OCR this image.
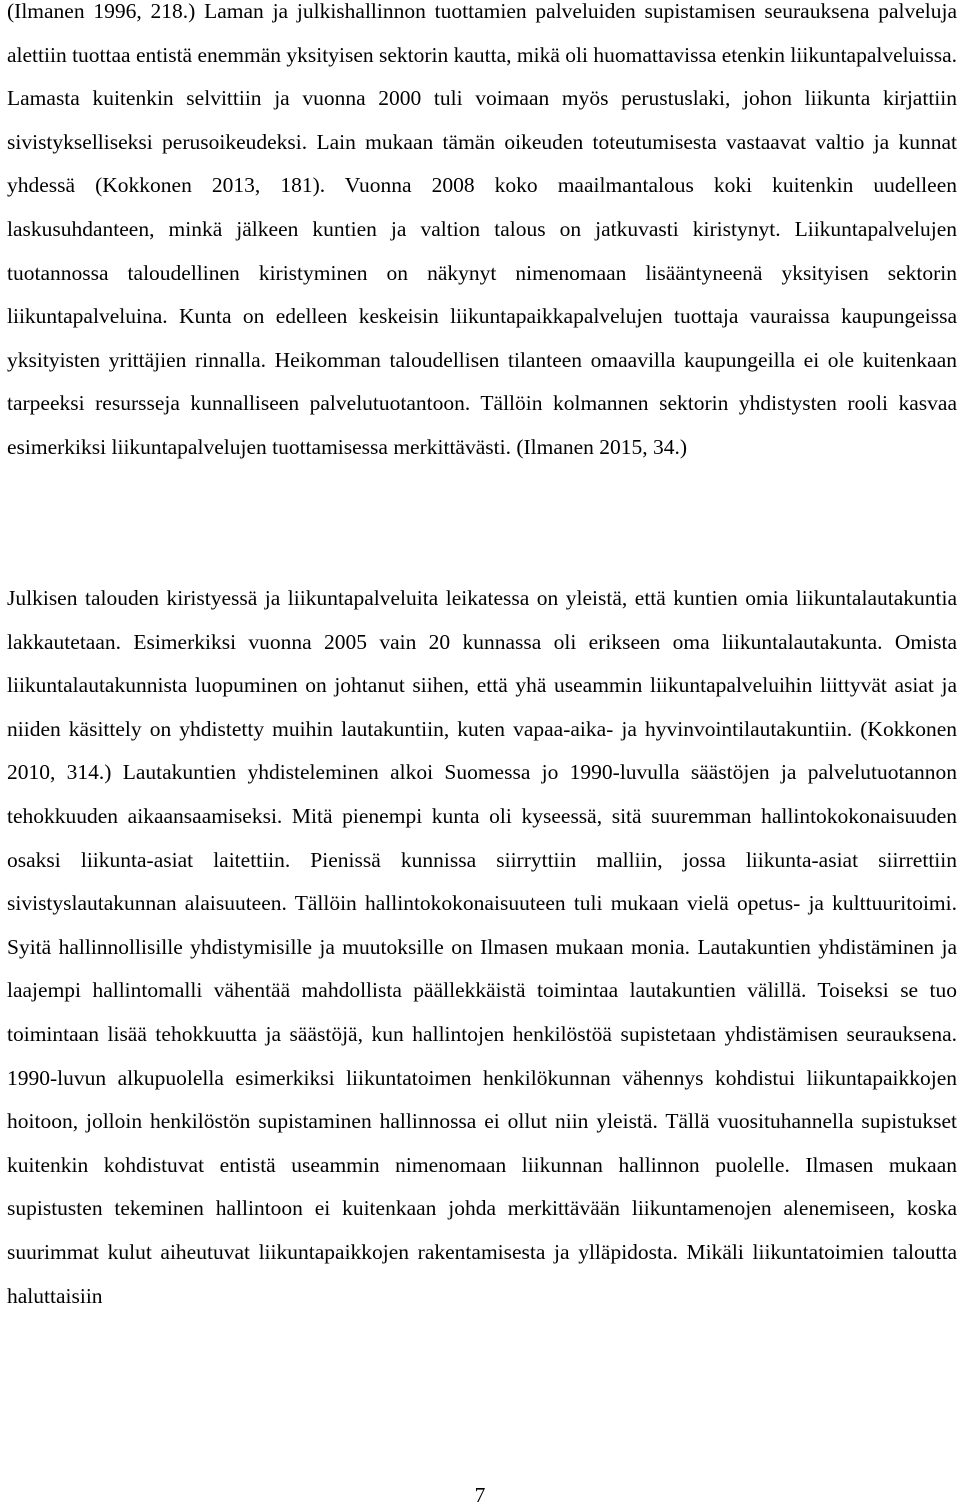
(Ilmanen 1996, 218.) Laman ja julkishallinnon tuottamien palveluiden supistamisen seurauksena palveluja alettiin tuottaa entistä enemmän yksityisen sektorin kautta, mikä oli huomattavissa etenkin liikuntapalveluissa. Lamasta kuitenkin selvittiin ja vuonna 2000 tuli voimaan myös perustuslaki, johon liikunta kirjattiin sivistykselliseksi perusoikeudeksi. Lain mukaan tämän oikeuden toteutumisesta vastaavat valtio ja kunnat yhdessä (Kokkonen 2013, 181). Vuonna 2008 koko maailmantalous koki kuitenkin uudelleen laskusuhdanteen, minkä jälkeen kuntien ja valtion talous on jatkuvasti kiristynyt. Liikuntapalvelujen tuotannossa taloudellinen kiristyminen on näkynyt nimenomaan lisääntyneenä yksityisen sektorin liikuntapalveluina. Kunta on edelleen keskeisin liikuntapaikkapalvelujen tuottaja vauraissa kaupungeissa yksityisten yrittäjien rinnalla. Heikomman taloudellisen tilanteen omaavilla kaupungeilla ei ole kuitenkaan tarpeeksi resursseja kunnalliseen palvelutuotantoon. Tällöin kolmannen sektorin yhdistysten rooli kasvaa esimerkiksi liikuntapalvelujen tuottamisessa merkittävästi. (Ilmanen 2015, 34.)

Julkisen talouden kiristyessä ja liikuntapalveluita leikatessa on yleistä, että kuntien omia liikuntalautakuntia lakkautetaan. Esimerkiksi vuonna 2005 vain 20 kunnassa oli erikseen oma liikuntalautakunta. Omista liikuntalautakunnista luopuminen on johtanut siihen, että yhä useammin liikuntapalveluihin liittyvät asiat ja niiden käsittely on yhdistetty muihin lautakuntiin, kuten vapaa-aika- ja hyvinvointilautakuntiin. (Kokkonen 2010, 314.) Lautakuntien yhdisteleminen alkoi Suomessa jo 1990-luvulla säästöjen ja palvelutuotannon tehokkuuden aikaansaamiseksi. Mitä pienempi kunta oli kyseessä, sitä suuremman hallintokokonaisuuden osaksi liikunta-asiat laitettiin. Pienissä kunnissa siirryttiin malliin, jossa liikunta-asiat siirrettiin sivistyslautakunnan alaisuuteen. Tällöin hallintokokonaisuuteen tuli mukaan vielä opetus- ja kulttuuritoimi. Syitä hallinnollisille yhdistymisille ja muutoksille on Ilmasen mukaan monia. Lautakuntien yhdistäminen ja laajempi hallintomalli vähentää mahdollista päällekkäistä toimintaa lautakuntien välillä. Toiseksi se tuo toimintaan lisää tehokkuutta ja säästöjä, kun hallintojen henkilöstöä supistetaan yhdistämisen seurauksena. 1990-luvun alkupuolella esimerkiksi liikuntatoimen henkilökunnan vähennys kohdistui liikuntapaikkojen hoitoon, jolloin henkilöstön supistaminen hallinnossa ei ollut niin yleistä. Tällä vuosituhannella supistukset kuitenkin kohdistuvat entistä useammin nimenomaan liikunnan hallinnon puolelle. Ilmasen mukaan supistusten tekeminen hallintoon ei kuitenkaan johda merkittävään liikuntamenojen alenemiseen, koska suurimmat kulut aiheutuvat liikuntapaikkojen rakentamisesta ja ylläpidosta. Mikäli liikuntatoimien taloutta haluttaisiin

7
